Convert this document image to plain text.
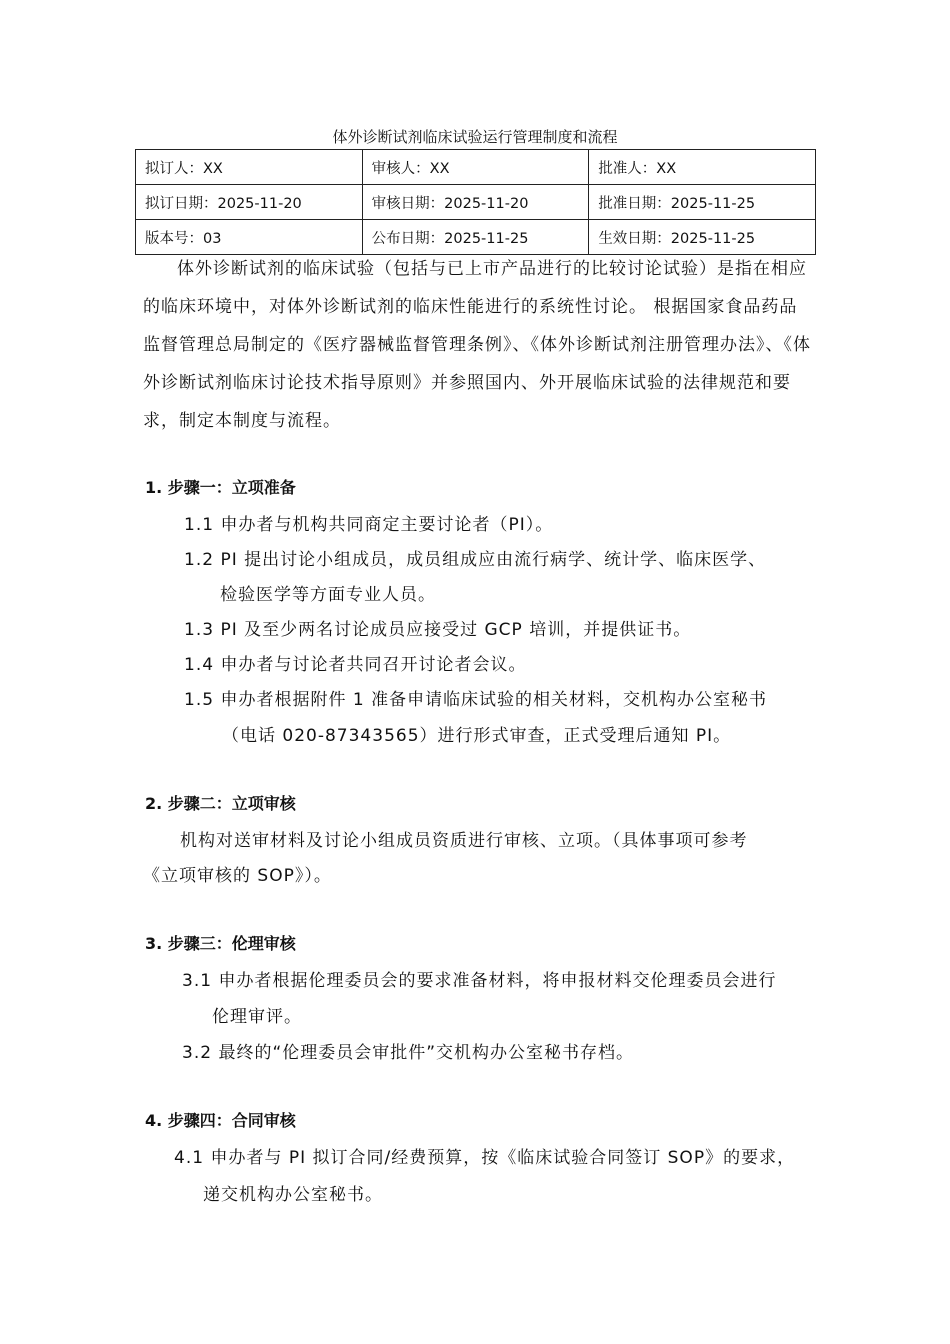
体外诊断试剂临床试验运行管理制度和流程
拟订人：XX	审核人：XX	批准人：XX
拟订日期：2025-11-20	审核日期：2025-11-20	批准日期：2025-11-25
版本号：03	公布日期：2025-11-25	生效日期：2025-11-25
体外诊断试剂的临床试验（包括与已上市产品进行的比较讨论试验）是指在相应的临床环境中，对体外诊断试剂的临床性能进行的系统性讨论。 根据国家食品药品监督管理总局制定的《医疗器械监督管理条例》、《体外诊断试剂注册管理办法》、《体外诊断试剂临床讨论技术指导原则》并参照国内、外开展临床试验的法律规范和要求，制定本制度与流程。
1. 步骤一：立项准备
1.1 申办者与机构共同商定主要讨论者（PI）。
1.2 PI 提出讨论小组成员，成员组成应由流行病学、统计学、临床医学、
检验医学等方面专业人员。
1.3 PI 及至少两名讨论成员应接受过 GCP 培训，并提供证书。
1.4 申办者与讨论者共同召开讨论者会议。
1.5 申办者根据附件 1 准备申请临床试验的相关材料，交机构办公室秘书
（电话 020-87343565）进行形式审查，正式受理后通知 PI。
2. 步骤二：立项审核
机构对送审材料及讨论小组成员资质进行审核、立项。（具体事项可参考
《立项审核的 SOP》）。
3. 步骤三：伦理审核
3.1 申办者根据伦理委员会的要求准备材料，将申报材料交伦理委员会进行
伦理审评。
3.2 最终的“伦理委员会审批件”交机构办公室秘书存档。
4. 步骤四：合同审核
4.1 申办者与 PI 拟订合同/经费预算，按《临床试验合同签订 SOP》的要求，
递交机构办公室秘书。
